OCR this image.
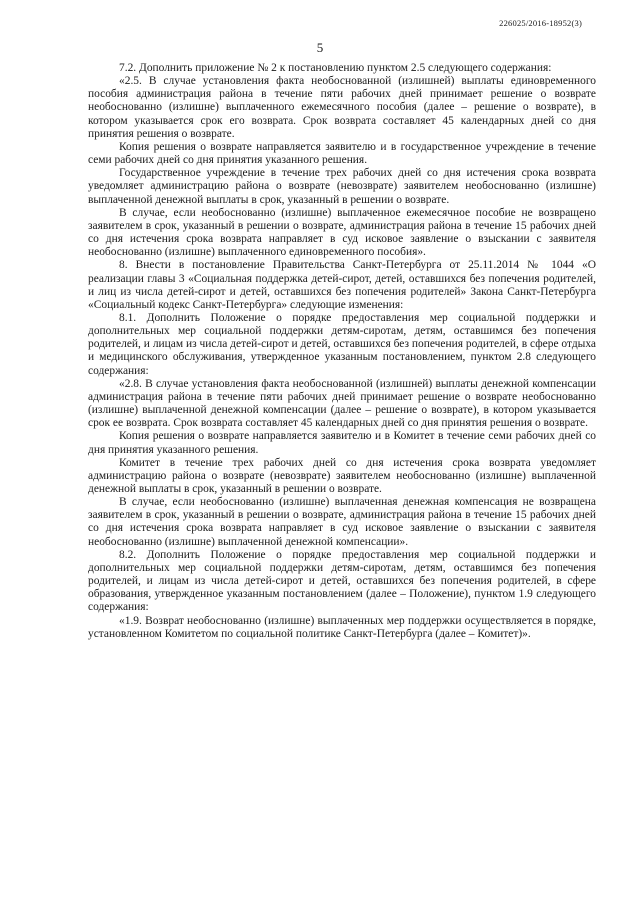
226025/2016-18952(3)
5

7.2. Дополнить приложение № 2 к постановлению пунктом 2.5 следующего содержания:

«2.5. В случае установления факта необоснованной (излишней) выплаты единовременного пособия администрация района в течение пяти рабочих дней принимает решение о возврате необоснованно (излишне) выплаченного ежемесячного пособия (далее – решение о возврате), в котором указывается срок его возврата. Срок возврата составляет 45 календарных дней со дня принятия решения о возврате.

Копия решения о возврате направляется заявителю и в государственное учреждение в течение семи рабочих дней со дня принятия указанного решения.

Государственное учреждение в течение трех рабочих дней со дня истечения срока возврата уведомляет администрацию района о возврате (невозврате) заявителем необоснованно (излишне) выплаченной денежной выплаты в срок, указанный в решении о возврате.

В случае, если необоснованно (излишне) выплаченное ежемесячное пособие не возвращено заявителем в срок, указанный в решении о возврате, администрация района в течение 15 рабочих дней со дня истечения срока возврата направляет в суд исковое заявление о взыскании с заявителя необоснованно (излишне) выплаченного единовременного пособия».

8. Внести в постановление Правительства Санкт-Петербурга от 25.11.2014 № 1044 «О реализации главы 3 «Социальная поддержка детей-сирот, детей, оставшихся без попечения родителей, и лиц из числа детей-сирот и детей, оставшихся без попечения родителей» Закона Санкт-Петербурга «Социальный кодекс Санкт-Петербурга» следующие изменения:

8.1. Дополнить Положение о порядке предоставления мер социальной поддержки и дополнительных мер социальной поддержки детям-сиротам, детям, оставшимся без попечения родителей, и лицам из числа детей-сирот и детей, оставшихся без попечения родителей, в сфере отдыха и медицинского обслуживания, утвержденное указанным постановлением, пунктом 2.8 следующего содержания:

«2.8. В случае установления факта необоснованной (излишней) выплаты денежной компенсации администрация района в течение пяти рабочих дней принимает решение о возврате необоснованно (излишне) выплаченной денежной компенсации (далее – решение о возврате), в котором указывается срок ее возврата. Срок возврата составляет 45 календарных дней со дня принятия решения о возврате.

Копия решения о возврате направляется заявителю и в Комитет в течение семи рабочих дней со дня принятия указанного решения.

Комитет в течение трех рабочих дней со дня истечения срока возврата уведомляет администрацию района о возврате (невозврате) заявителем необоснованно (излишне) выплаченной денежной выплаты в срок, указанный в решении о возврате.

В случае, если необоснованно (излишне) выплаченная денежная компенсация не возвращена заявителем в срок, указанный в решении о возврате, администрация района в течение 15 рабочих дней со дня истечения срока возврата направляет в суд исковое заявление о взыскании с заявителя необоснованно (излишне) выплаченной денежной компенсации».

8.2. Дополнить Положение о порядке предоставления мер социальной поддержки и дополнительных мер социальной поддержки детям-сиротам, детям, оставшимся без попечения родителей, и лицам из числа детей-сирот и детей, оставшихся без попечения родителей, в сфере образования, утвержденное указанным постановлением (далее – Положение), пунктом 1.9 следующего содержания:

«1.9. Возврат необоснованно (излишне) выплаченных мер поддержки осуществляется в порядке, установленном Комитетом по социальной политике Санкт-Петербурга (далее – Комитет)».
